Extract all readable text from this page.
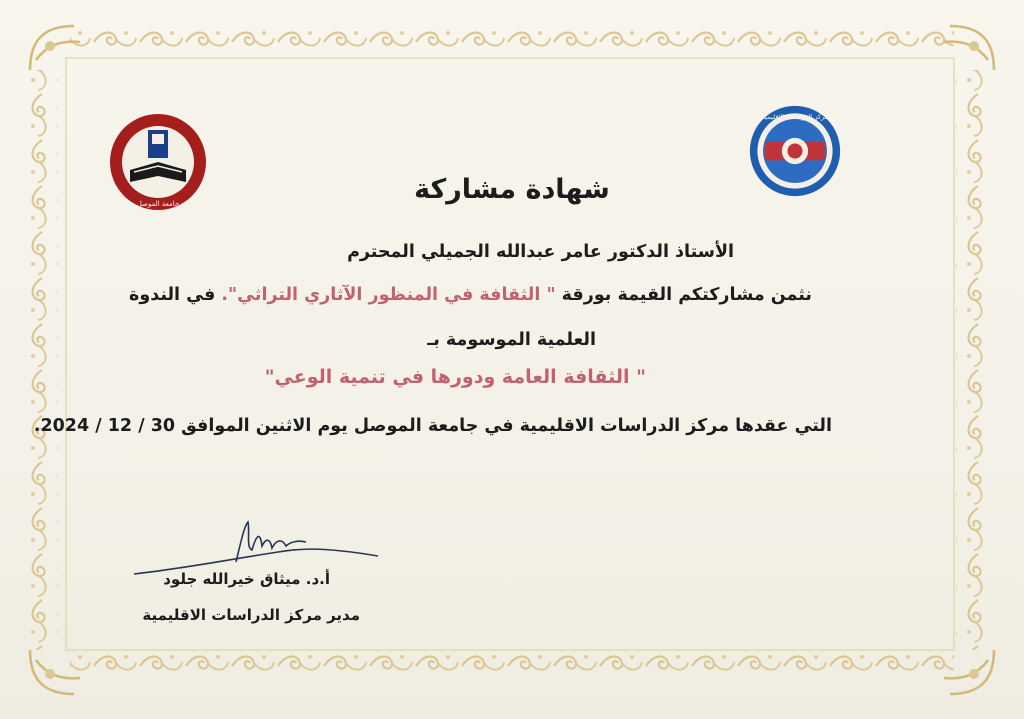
جامعة الموصل
مركز الدراسات الاقليمية
شهادة مشاركة
الأستاذ الدكتور عامر عبدالله الجميلي المحترم
نثمن مشاركتكم القيمة بورقة " الثقافة في المنظور الآثاري التراثي". في الندوة
العلمية الموسومة بـ
" الثقافة العامة ودورها في تنمية الوعي"
التي عقدها مركز الدراسات الاقليمية في جامعة الموصل يوم الاثنين الموافق 30 / 12 / 2024.
أ.د. ميثاق خيرالله جلود
مدير مركز الدراسات الاقليمية
